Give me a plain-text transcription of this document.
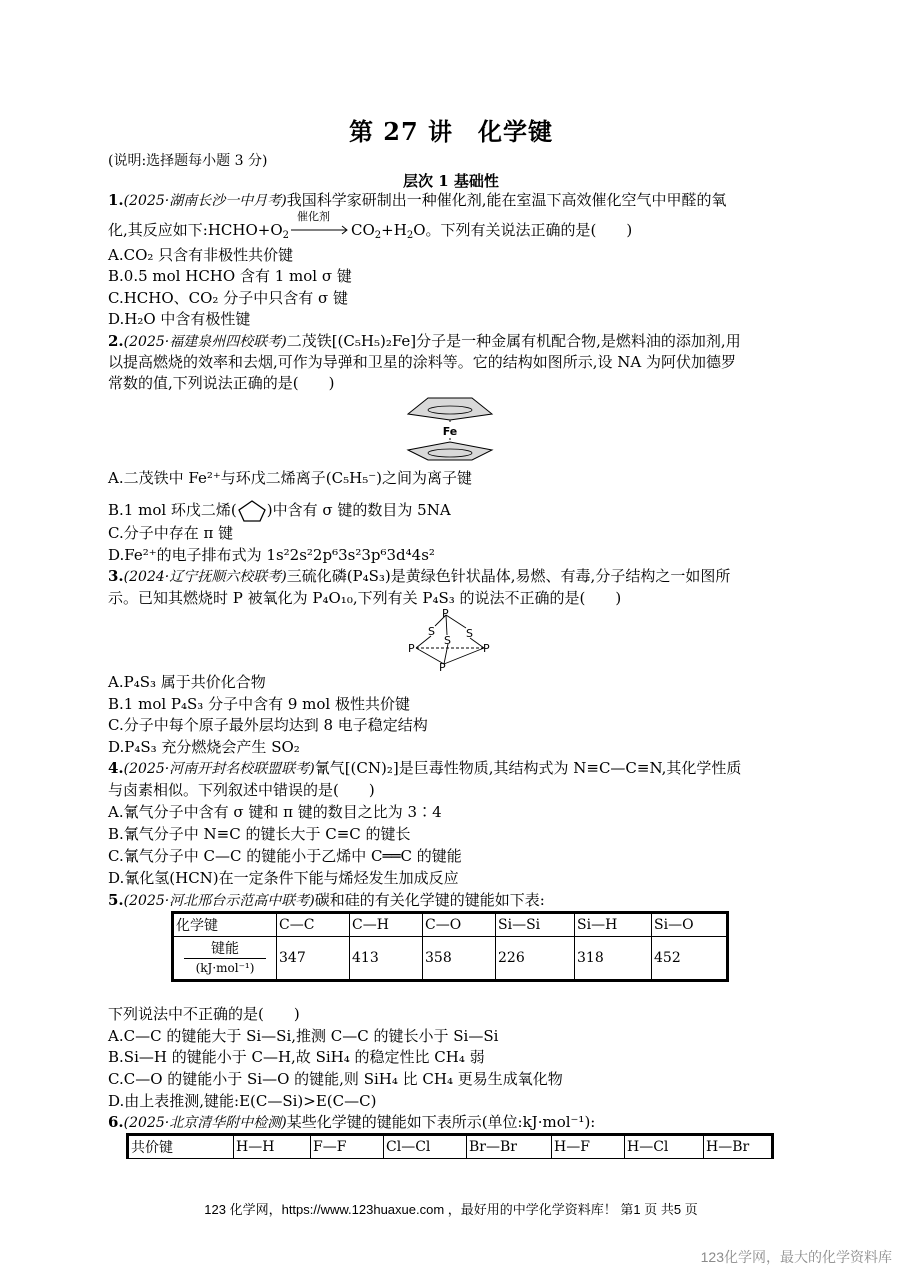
第 27 讲　化学键
(说明:选择题每小题 3 分)
层次 1 基础性
1.(2025·湖南长沙一中月考)我国科学家研制出一种催化剂,能在室温下高效催化空气中甲醛的氧
化,其反应如下$:HCHO+O_2$
催化剂
$CO_2+H_2O$。下列有关说法正确的是(　　)
A.CO₂ 只含有非极性共价键
B.0.5 mol HCHO 含有 1 mol σ 键
C.HCHO、CO₂ 分子中只含有 σ 键
D.H₂O 中含有极性键
2.(2025·福建泉州四校联考)二茂铁[(C₅H₅)₂Fe]分子是一种金属有机配合物,是燃料油的添加剂,用
以提高燃烧的效率和去烟,可作为导弹和卫星的涂料等。它的结构如图所示,设 NA 为阿伏加德罗
常数的值,下列说法正确的是(　　)
Fe
A.二茂铁中 Fe²⁺与环戊二烯离子(C₅H₅⁻)之间为离子键
B.1 mol 环戊二烯( )中含有 σ 键的数目为 5NA
C.分子中存在 π 键
D.Fe²⁺的电子排布式为 1s²2s²2p⁶3s²3p⁶3d⁴4s²
3.(2024·辽宁抚顺六校联考)三硫化磷(P₄S₃)是黄绿色针状晶体,易燃、有毒,分子结构之一如图所
示。已知其燃烧时 P 被氧化为 P₄O₁₀,下列有关 P₄S₃ 的说法不正确的是(　　)
P
S
S
S
P	P
P
A.P₄S₃ 属于共价化合物
B.1 mol P₄S₃ 分子中含有 9 mol 极性共价键
C.分子中每个原子最外层均达到 8 电子稳定结构
D.P₄S₃ 充分燃烧会产生 SO₂
4.(2025·河南开封名校联盟联考)氰气[(CN)₂]是巨毒性物质,其结构式为 N≡C—C≡N,其化学性质
与卤素相似。下列叙述中错误的是(　　)
A.氰气分子中含有 σ 键和 π 键的数目之比为 3∶4
B.氰气分子中 N≡C 的键长大于 C≡C 的键长
C.氰气分子中 C—C 的键能小于乙烯中 C══C 的键能
D.氰化氢(HCN)在一定条件下能与烯烃发生加成反应
5.(2025·河北邢台示范高中联考)碳和硅的有关化学键的键能如下表:
化学键	C—C	C—H	C—O	Si—Si	Si—H	Si—O

键能
(kJ·mol⁻¹)	347	413	358	226	318	452
下列说法中不正确的是(　　)
A.C—C 的键能大于 Si—Si,推测 C—C 的键长小于 Si—Si
B.Si—H 的键能小于 C—H,故 SiH₄ 的稳定性比 CH₄ 弱
C.C—O 的键能小于 Si—O 的键能,则 SiH₄ 比 CH₄ 更易生成氧化物
D.由上表推测,键能:E(C—Si)>E(C—C)
6.(2025·北京清华附中检测)某些化学键的键能如下表所示(单位:kJ·mol⁻¹):
共价键	H—H	F—F	Cl—Cl	Br—Br	H—F	H—Cl	H—Br
123 化学网，https://www.123huaxue.com ，最好用的中学化学资料库！ 第1 页 共5 页
123化学网，最大的化学资料库
